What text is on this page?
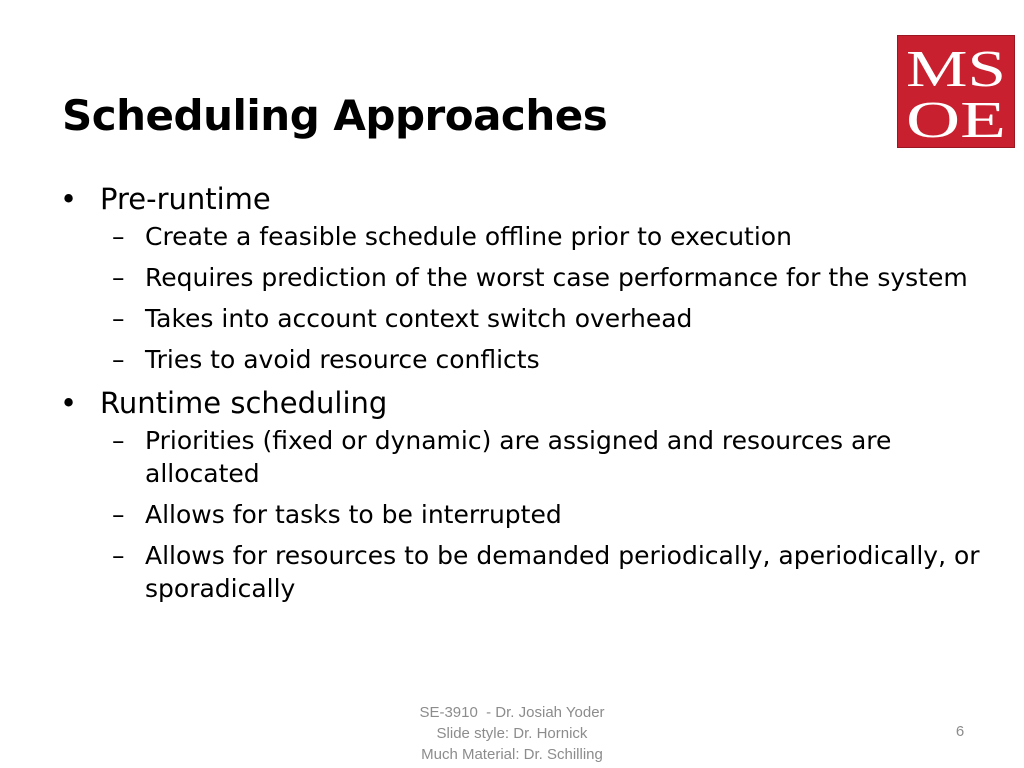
Scheduling Approaches
MS
OE
• Pre-runtime
– Create a feasible schedule offline prior to execution
– Requires prediction of the worst case performance for the system
– Takes into account context switch overhead
– Tries to avoid resource conflicts
• Runtime scheduling
– Priorities (fixed or dynamic) are assigned and resources are allocated
– Allows for tasks to be interrupted
– Allows for resources to be demanded periodically, aperiodically, or sporadically
SE-3910  - Dr. Josiah Yoder
Slide style: Dr. Hornick
Much Material: Dr. Schilling
6
